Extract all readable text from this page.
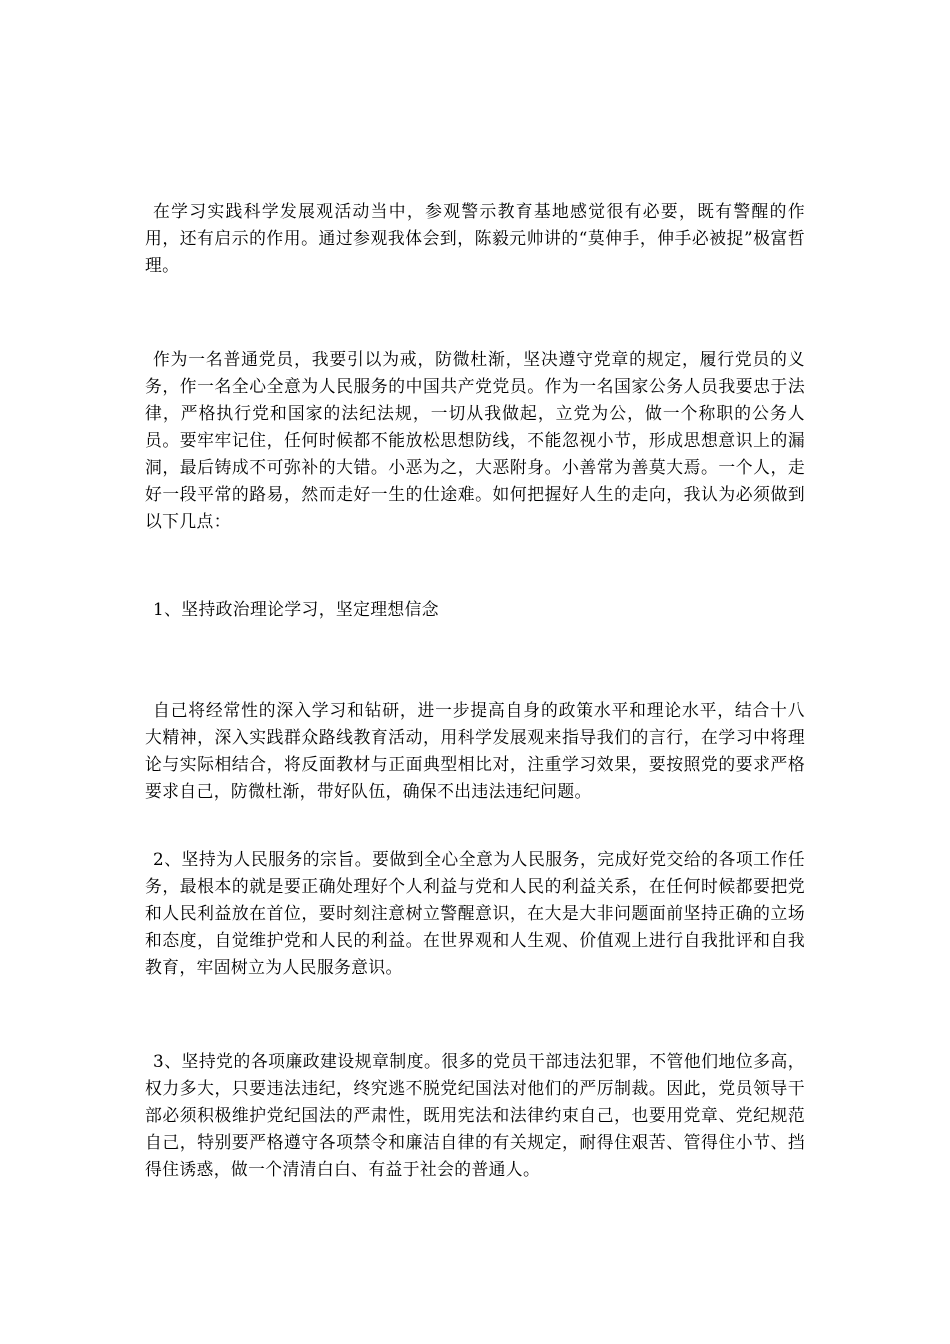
在学习实践科学发展观活动当中，参观警示教育基地感觉很有必要，既有警醒的作用，还有启示的作用。通过参观我体会到，陈毅元帅讲的“莫伸手，伸手必被捉”极富哲理。

作为一名普通党员，我要引以为戒，防微杜渐，坚决遵守党章的规定，履行党员的义务，作一名全心全意为人民服务的中国共产党党员。作为一名国家公务人员我要忠于法律，严格执行党和国家的法纪法规，一切从我做起，立党为公，做一个称职的公务人员。要牢牢记住，任何时候都不能放松思想防线，不能忽视小节，形成思想意识上的漏洞，最后铸成不可弥补的大错。小恶为之，大恶附身。小善常为善莫大焉。一个人，走好一段平常的路易，然而走好一生的仕途难。如何把握好人生的走向，我认为必须做到以下几点：

1、坚持政治理论学习，坚定理想信念

自己将经常性的深入学习和钻研，进一步提高自身的政策水平和理论水平，结合十八大精神，深入实践群众路线教育活动，用科学发展观来指导我们的言行，在学习中将理论与实际相结合，将反面教材与正面典型相比对，注重学习效果，要按照党的要求严格要求自己，防微杜渐，带好队伍，确保不出违法违纪问题。

2、坚持为人民服务的宗旨。要做到全心全意为人民服务，完成好党交给的各项工作任务，最根本的就是要正确处理好个人利益与党和人民的利益关系，在任何时候都要把党和人民利益放在首位，要时刻注意树立警醒意识，在大是大非问题面前坚持正确的立场和态度，自觉维护党和人民的利益。在世界观和人生观、价值观上进行自我批评和自我教育，牢固树立为人民服务意识。

3、坚持党的各项廉政建设规章制度。很多的党员干部违法犯罪，不管他们地位多高，权力多大，只要违法违纪，终究逃不脱党纪国法对他们的严厉制裁。因此，党员领导干部必须积极维护党纪国法的严肃性，既用宪法和法律约束自己，也要用党章、党纪规范自己，特别要严格遵守各项禁令和廉洁自律的有关规定，耐得住艰苦、管得住小节、挡得住诱惑，做一个清清白白、有益于社会的普通人。
